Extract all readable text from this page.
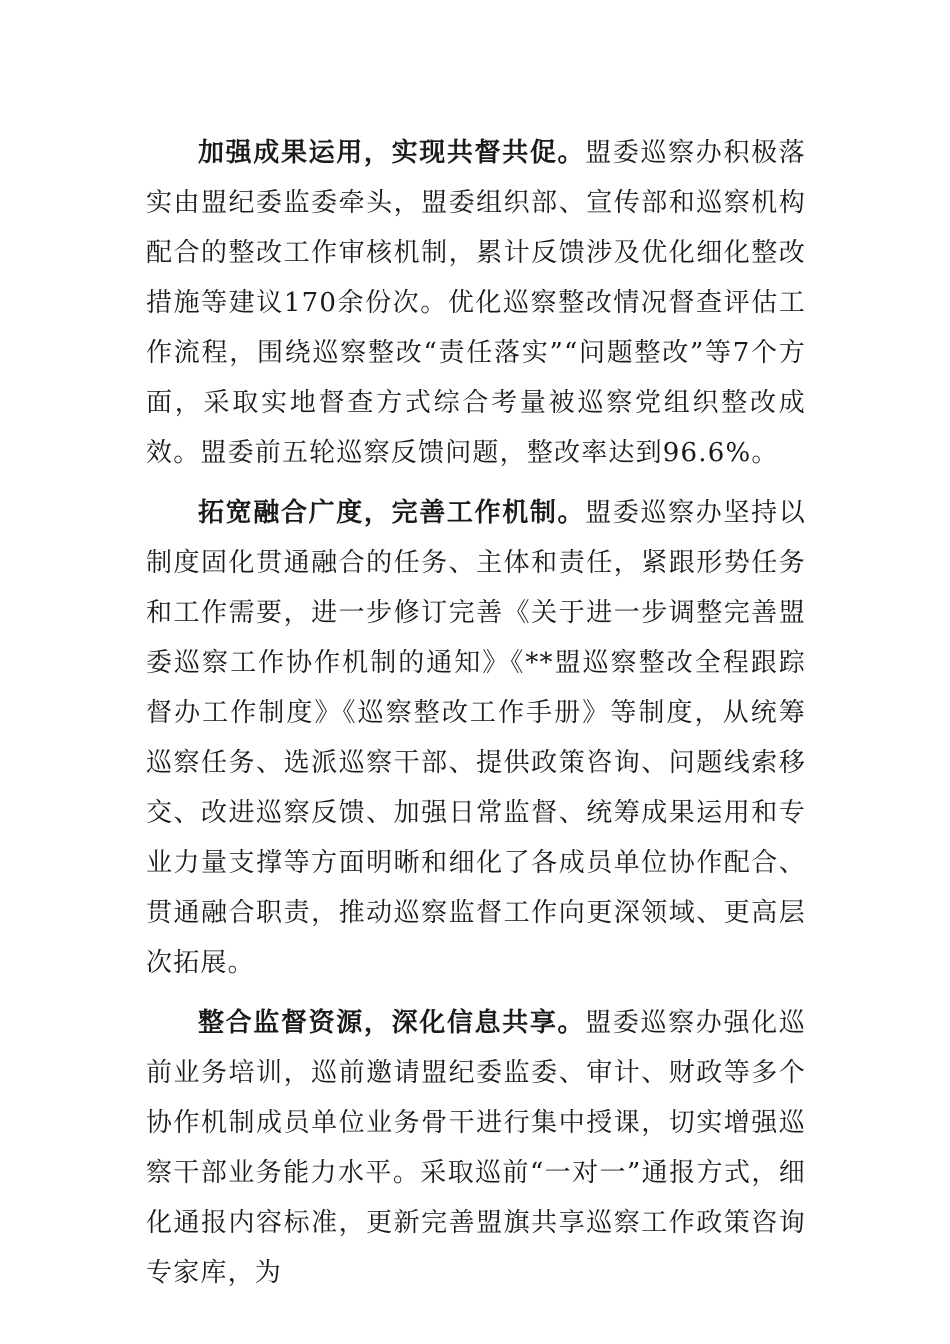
加强成果运用，实现共督共促。盟委巡察办积极落实由盟纪委监委牵头，盟委组织部、宣传部和巡察机构配合的整改工作审核机制，累计反馈涉及优化细化整改措施等建议170余份次。优化巡察整改情况督查评估工作流程，围绕巡察整改“责任落实”“问题整改”等7个方面，采取实地督查方式综合考量被巡察党组织整改成效。盟委前五轮巡察反馈问题，整改率达到96.6%。

拓宽融合广度，完善工作机制。盟委巡察办坚持以制度固化贯通融合的任务、主体和责任，紧跟形势任务和工作需要，进一步修订完善《关于进一步调整完善盟委巡察工作协作机制的通知》《**盟巡察整改全程跟踪督办工作制度》《巡察整改工作手册》等制度，从统筹巡察任务、选派巡察干部、提供政策咨询、问题线索移交、改进巡察反馈、加强日常监督、统筹成果运用和专业力量支撑等方面明晰和细化了各成员单位协作配合、贯通融合职责，推动巡察监督工作向更深领域、更高层次拓展。

整合监督资源，深化信息共享。盟委巡察办强化巡前业务培训，巡前邀请盟纪委监委、审计、财政等多个协作机制成员单位业务骨干进行集中授课，切实增强巡察干部业务能力水平。采取巡前“一对一”通报方式，细化通报内容标准，更新完善盟旗共享巡察工作政策咨询专家库，为
